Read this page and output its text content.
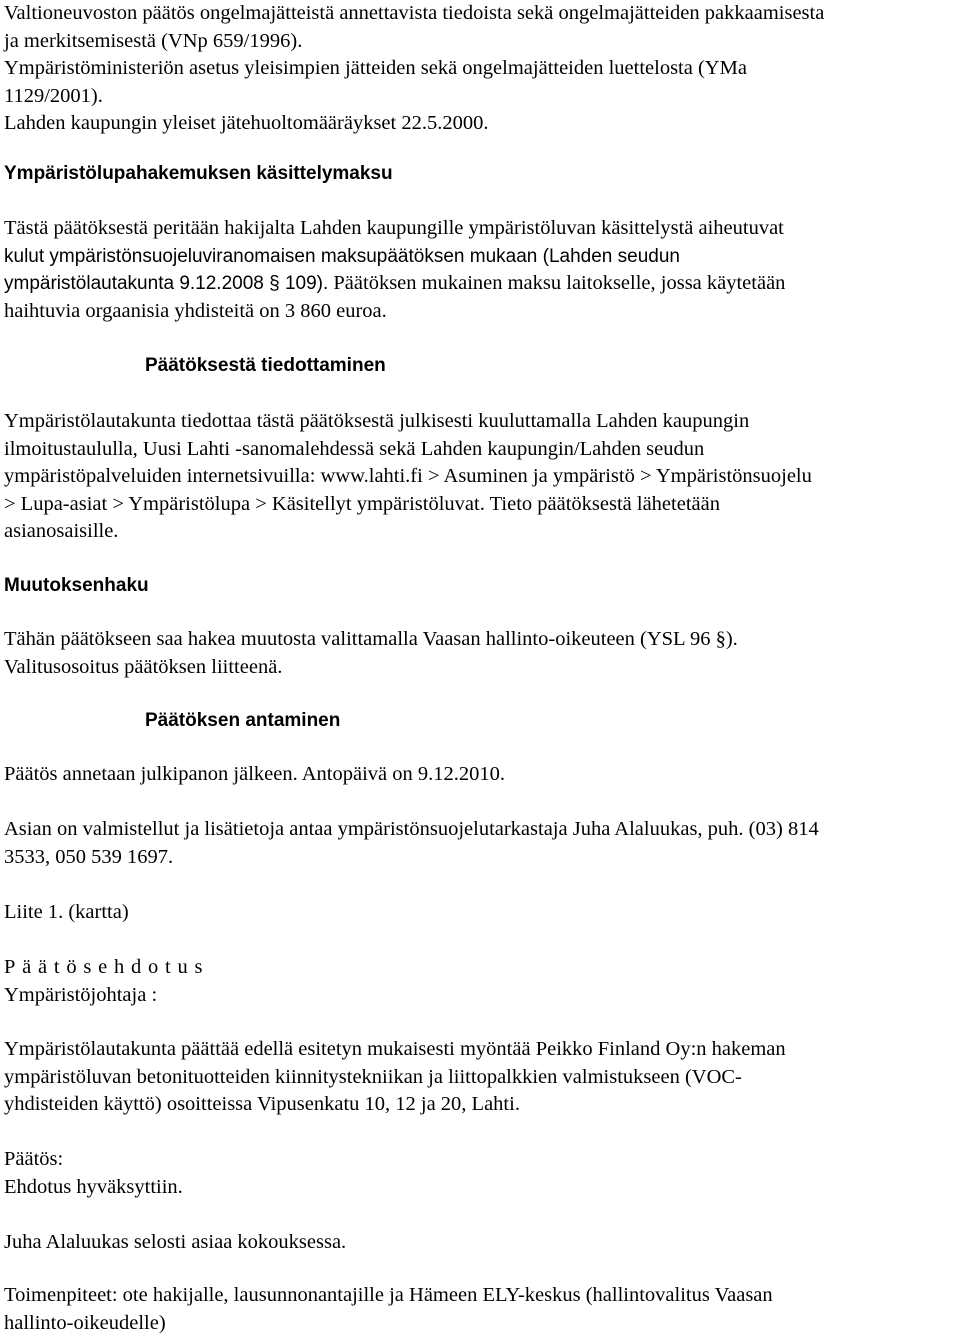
Valtioneuvoston päätös ongelmajätteistä annettavista tiedoista sekä ongelmajätteiden pakkaamisesta
ja merkitsemisestä (VNp 659/1996).
Ympäristöministeriön asetus yleisimpien jätteiden sekä ongelmajätteiden luettelosta (YMa
1129/2001).
Lahden kaupungin yleiset jätehuoltomääräykset 22.5.2000.
Ympäristölupahakemuksen käsittelymaksu
Tästä päätöksestä peritään hakijalta Lahden kaupungille ympäristöluvan käsittelystä aiheutuvat
kulut ympäristönsuojeluviranomaisen maksupäätöksen mukaan (Lahden seudun
ympäristölautakunta 9.12.2008 § 109). Päätöksen mukainen maksu laitokselle, jossa käytetään
haihtuvia orgaanisia yhdisteitä on 3 860 euroa.
Päätöksestä tiedottaminen
Ympäristölautakunta tiedottaa tästä päätöksestä julkisesti kuuluttamalla Lahden kaupungin
ilmoitustaululla, Uusi Lahti -sanomalehdessä sekä Lahden kaupungin/Lahden seudun
ympäristöpalveluiden internetsivuilla: www.lahti.fi > Asuminen ja ympäristö > Ympäristönsuojelu
> Lupa-asiat > Ympäristölupa > Käsitellyt ympäristöluvat. Tieto päätöksestä lähetetään
asianosaisille.
Muutoksenhaku
Tähän päätökseen saa hakea muutosta valittamalla Vaasan hallinto-oikeuteen (YSL 96 §).
Valitusosoitus päätöksen liitteenä.
Päätöksen antaminen
Päätös annetaan julkipanon jälkeen. Antopäivä on 9.12.2010.
Asian on valmistellut ja lisätietoja antaa ympäristönsuojelutarkastaja Juha Alaluukas, puh. (03) 814
3533, 050 539 1697.
Liite 1. (kartta)
Päätösehdotus
Ympäristöjohtaja :
Ympäristölautakunta päättää edellä esitetyn mukaisesti myöntää Peikko Finland Oy:n hakeman
ympäristöluvan betonituotteiden kiinnitystekniikan ja liittopalkkien valmistukseen (VOC-
yhdisteiden käyttö) osoitteissa Vipusenkatu 10, 12 ja 20, Lahti.
Päätös:
Ehdotus hyväksyttiin.
Juha Alaluukas selosti asiaa kokouksessa.
Toimenpiteet: ote hakijalle, lausunnonantajille ja Hämeen ELY-keskus (hallintovalitus Vaasan
hallinto-oikeudelle)
